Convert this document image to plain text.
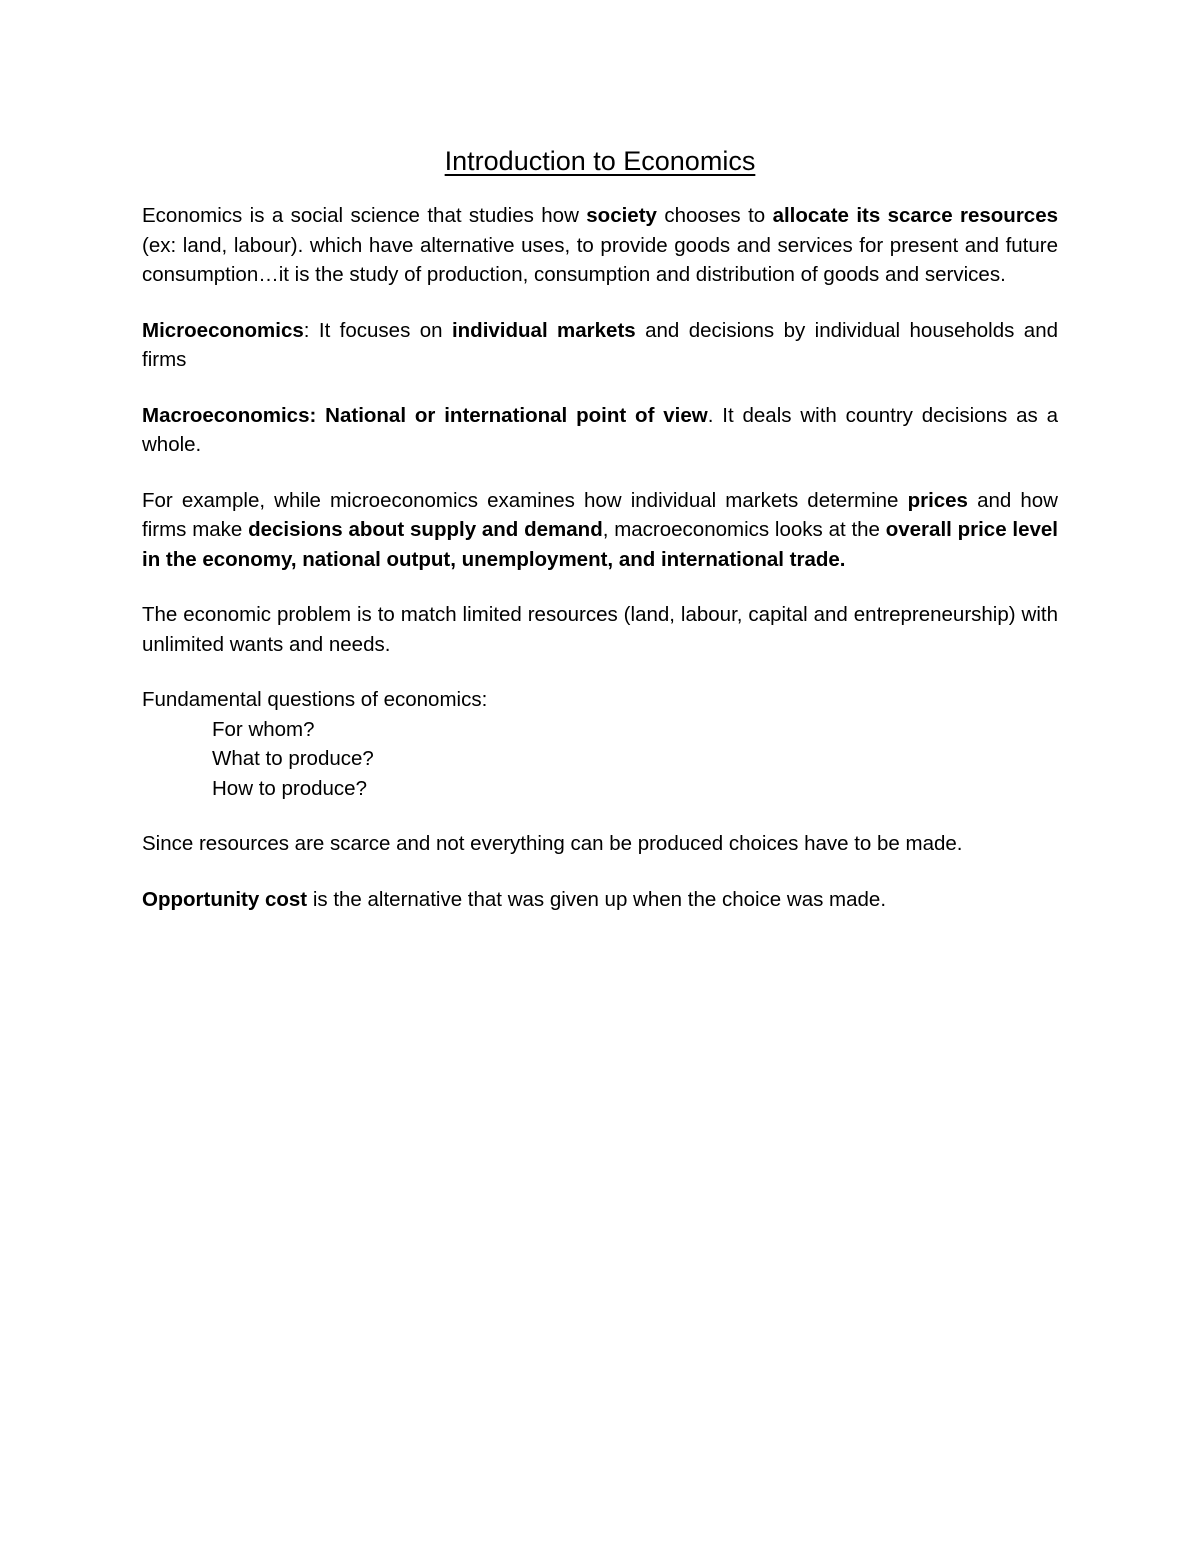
Introduction to Economics

Economics is a social science that studies how society chooses to allocate its scarce resources (ex: land, labour). which have alternative uses, to provide goods and services for present and future consumption…it is the study of production, consumption and distribution of goods and services.

Microeconomics: It focuses on individual markets and decisions by individual households and firms

Macroeconomics: National or international point of view. It deals with country decisions as a whole.

For example, while microeconomics examines how individual markets determine prices and how firms make decisions about supply and demand, macroeconomics looks at the overall price level in the economy, national output, unemployment, and international trade.

The economic problem is to match limited resources (land, labour, capital and entrepreneurship) with unlimited wants and needs.

Fundamental questions of economics:
For whom?
What to produce?
How to produce?

Since resources are scarce and not everything can be produced choices have to be made.

Opportunity cost is the alternative that was given up when the choice was made.
